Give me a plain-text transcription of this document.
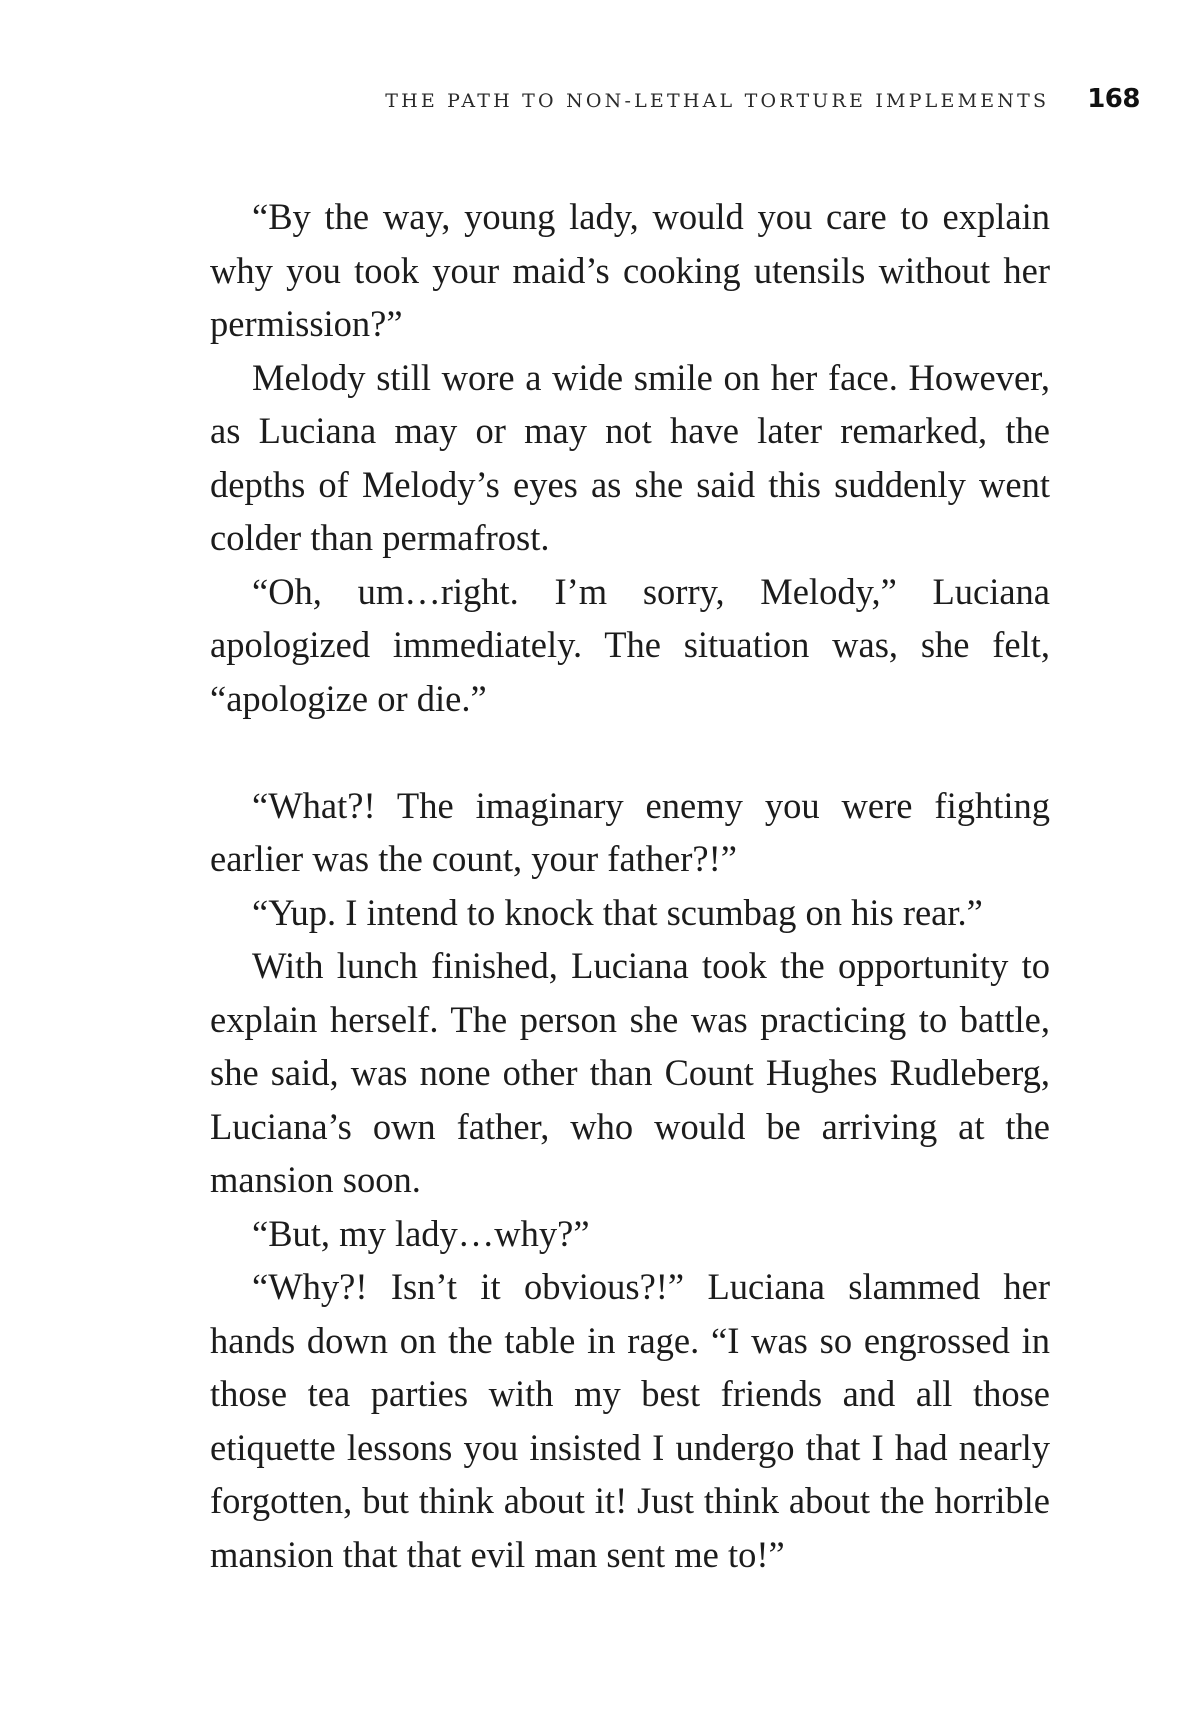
THE PATH TO NON-LETHAL TORTURE IMPLEMENTS 168

“By the way, young lady, would you care to explain why you took your maid’s cooking utensils without her permission?”

Melody still wore a wide smile on her face. However, as Luciana may or may not have later remarked, the depths of Melody’s eyes as she said this suddenly went colder than permafrost.

“Oh, um…right. I’m sorry, Melody,” Luciana apologized immediately. The situation was, she felt, “apologize or die.”

“What?! The imaginary enemy you were fighting earlier was the count, your father?!”

“Yup. I intend to knock that scumbag on his rear.”

With lunch finished, Luciana took the opportunity to explain herself. The person she was practicing to battle, she said, was none other than Count Hughes Rudleberg, Luciana’s own father, who would be arriving at the mansion soon.

“But, my lady…why?”

“Why?! Isn’t it obvious?!” Luciana slammed her hands down on the table in rage. “I was so engrossed in those tea parties with my best friends and all those etiquette lessons you insisted I undergo that I had nearly forgotten, but think about it! Just think about the horrible mansion that that evil man sent me to!”
